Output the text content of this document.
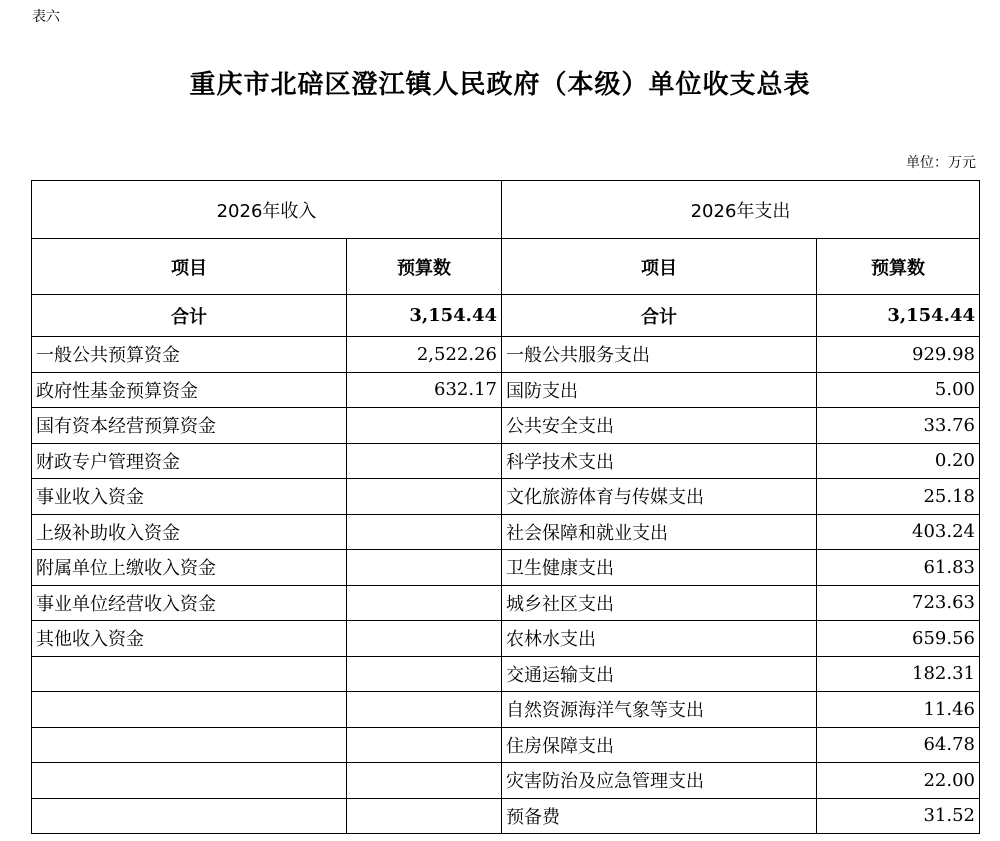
表六
重庆市北碚区澄江镇人民政府（本级）单位收支总表
单位：万元
2026年收入		2026年支出	
项目	预算数	项目	预算数
合计	3,154.44	合计	3,154.44
一般公共预算资金	2,522.26	一般公共服务支出	929.98
政府性基金预算资金	632.17	国防支出	5.00
国有资本经营预算资金		公共安全支出	33.76
财政专户管理资金		科学技术支出	0.20
事业收入资金		文化旅游体育与传媒支出	25.18
上级补助收入资金		社会保障和就业支出	403.24
附属单位上缴收入资金		卫生健康支出	61.83
事业单位经营收入资金		城乡社区支出	723.63
其他收入资金		农林水支出	659.56
		交通运输支出	182.31
		自然资源海洋气象等支出	11.46
		住房保障支出	64.78
		灾害防治及应急管理支出	22.00
		预备费	31.52
